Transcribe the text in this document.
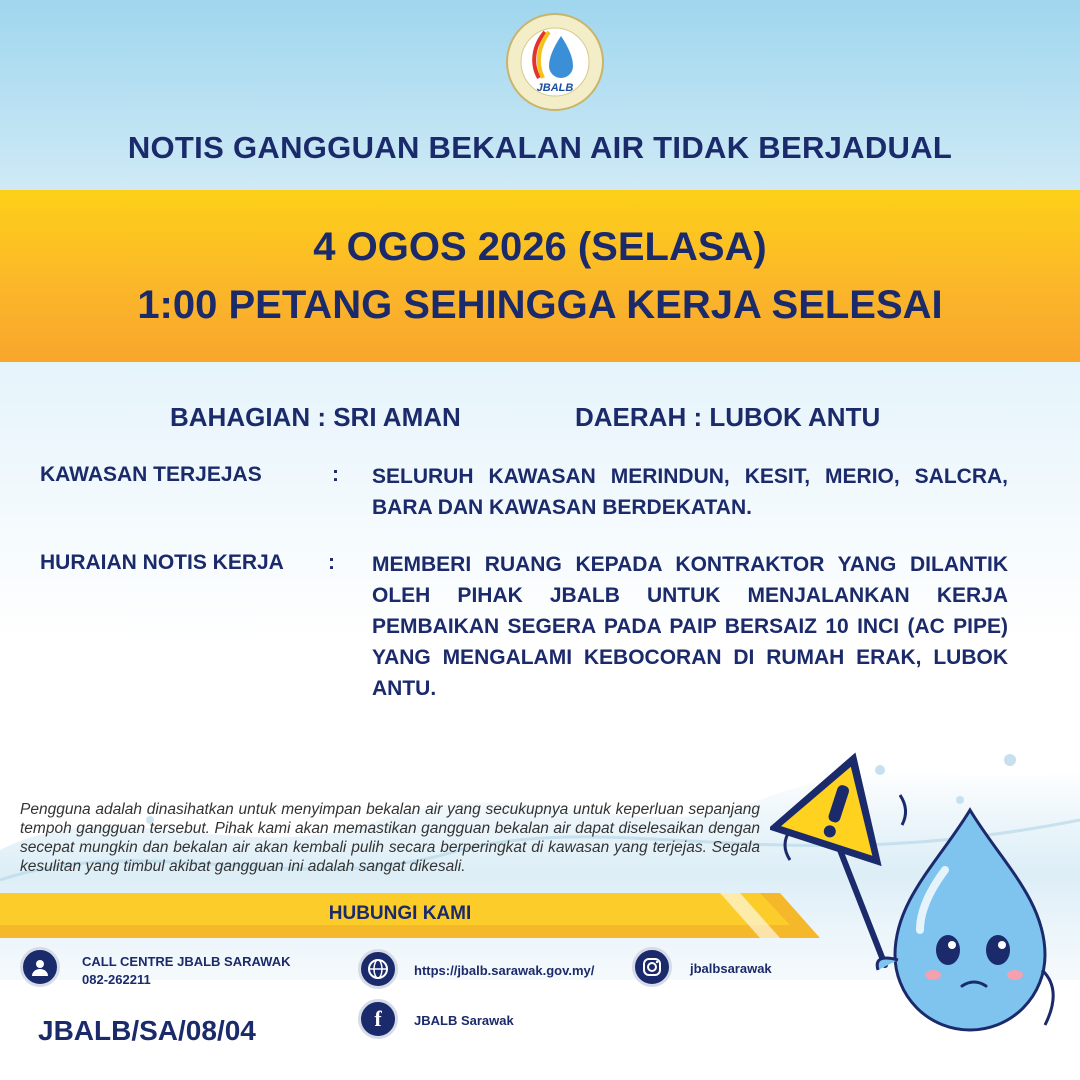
JBALB
NOTIS GANGGUAN BEKALAN AIR TIDAK BERJADUAL
4 OGOS 2026 (SELASA)
1:00 PETANG SEHINGGA KERJA SELESAI
BAHAGIAN : SRI AMAN	DAERAH : LUBOK ANTU
KAWASAN TERJEJAS	: SELURUH KAWASAN MERINDUN, KESIT, MERIO, SALCRA, BARA DAN KAWASAN BERDEKATAN.
HURAIAN NOTIS KERJA : MEMBERI RUANG KEPADA KONTRAKTOR YANG DILANTIK OLEH PIHAK JBALB UNTUK MENJALANKAN KERJA PEMBAIKAN SEGERA PADA PAIP BERSAIZ 10 INCI (AC PIPE) YANG MENGALAMI KEBOCORAN DI RUMAH ERAK, LUBOK ANTU.
Pengguna adalah dinasihatkan untuk menyimpan bekalan air yang secukupnya untuk keperluan sepanjang tempoh gangguan tersebut. Pihak kami akan memastikan gangguan bekalan air dapat diselesaikan dengan secepat mungkin dan bekalan air akan kembali pulih secara berperingkat di kawasan yang terjejas. Segala kesulitan yang timbul akibat gangguan ini adalah sangat dikesali.
HUBUNGI KAMI
CALL CENTRE JBALB SARAWAK
082-262211
https://jbalb.sarawak.gov.my/
f JBALB Sarawak
jbalbsarawak
JBALB/SA/08/04
